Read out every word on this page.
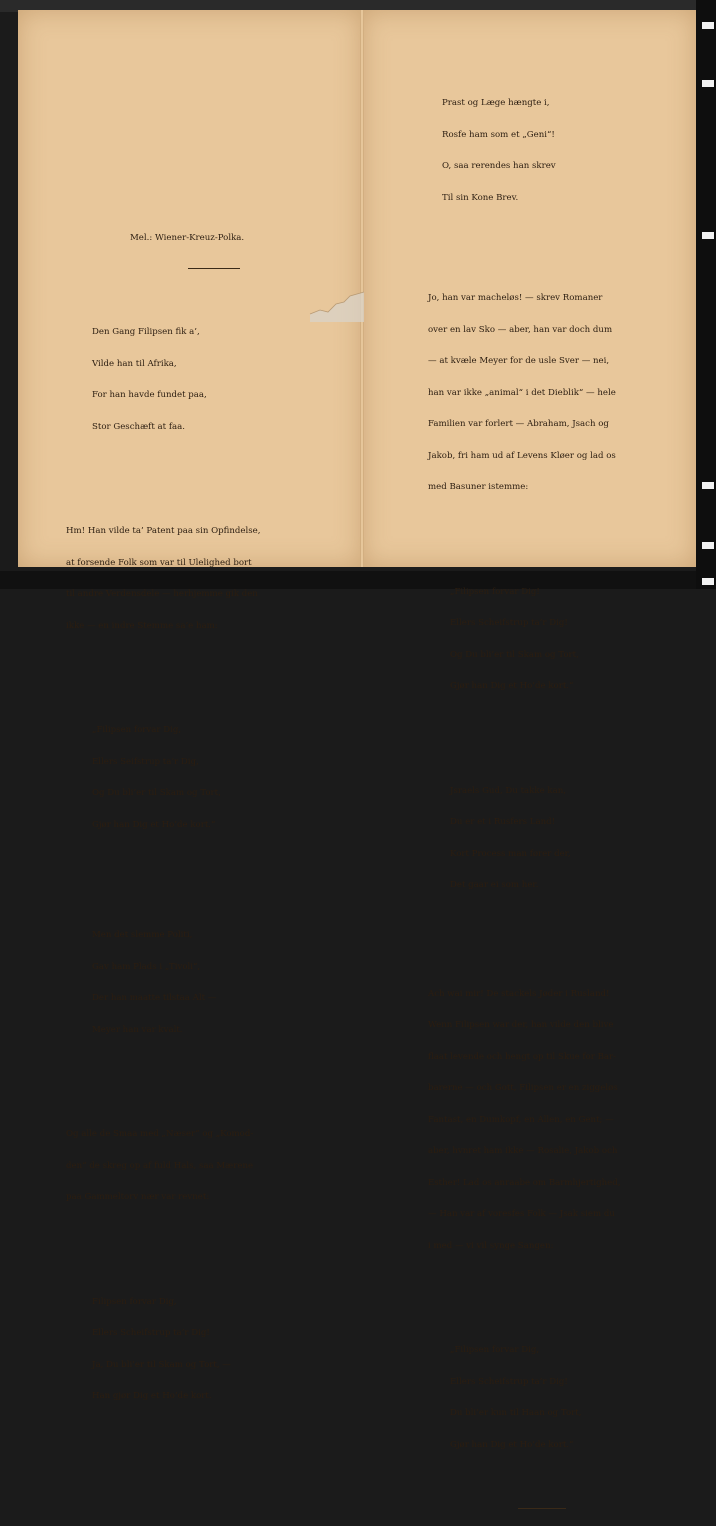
Mel.: Wiener-Kreuz-Polka.

Den Gang Filipsen fik a’,

Vilde han til Afrika,

For han havde fundet paa,

Stor Geschæft at faa.

Hm! Han vilde ta’ Patent paa sin Opfindelse,

at forsende Folk som var til Ulelighed bort

til andre Verdensdele — herhjemme gik den

ikke — en indre Stemme sa’e ham:

„Filipsen forvar Dig,

Ellers Seifstrup ta’r Dig,

Og Du bli’er til Skam og Tort,

Gjør han Dig et Ho’de kort.“

Men det slemme Politi,

Gav ham Plads i „Tivoli“,

Der han maatte tilstaa Alt —

Meyer han var kvalt.

Og alle de Smaa med „Næser“ og „Komod-

den“ de skreg op af fuld Hals, saa Mærene

paa Gammeltorv nær var revnet:

Filipsen forvar Dig,

Ellers Scheifstrup ta’r Dig!

Ja, Du bli’er til Skam og Tort, —

Han gjør Dig et Ho’de kort.

Prast og Læge hængte i,

Rosfe ham som et „Geni“!

O, saa rerendes han skrev

Til sin Kone Brev.

Jo, han var macheløs! — skrev Romaner

over en lav Sko — aber, han var doch dum

— at kvæle Meyer for de usle Sver — nei,

han var ikke „animal“ i det Dieblik“ — hele

Familien var forlert — Abraham, Jsach og

Jakob, fri ham ud af Levens Kløer og lad os

med Basuner istemme:

„Filipsen forvar Dig!

Ellers Scheifstrup ta’r Dig!

Og Du bli’er til Skam og Tort,

Gjør han Dig et Ho’de kort.“

Jsraels Gud, Du takke kan,

Du er et i Rusfers Land!

Kort Process man fører der,

Det gaar ei som her.

Ach wai mir! De stackels Jøder i Rusland!

Wenn Filipsen war der, han vilde den blive

flaat levende och hengt op til Skue for Bar-

barerne — och Gott, Filipsen er en ziggeløs

Fantast, en Dumkopf, en Allen, en Gent; —

aber, hvnret ham ikke — Rosalie, Jakob och

Esther! Lad os anraabe om Barmhjertighed,

— Han var af voresfes Folk — Jsak siem du

i med — vi vil synge Sangen:

„Filipsen forvar Dig,

Ellers Scheifstrup ta’r Dig!

Du bli’er kun til Haan og Tort,

Gjør han Dig et Ho’de kort.“
